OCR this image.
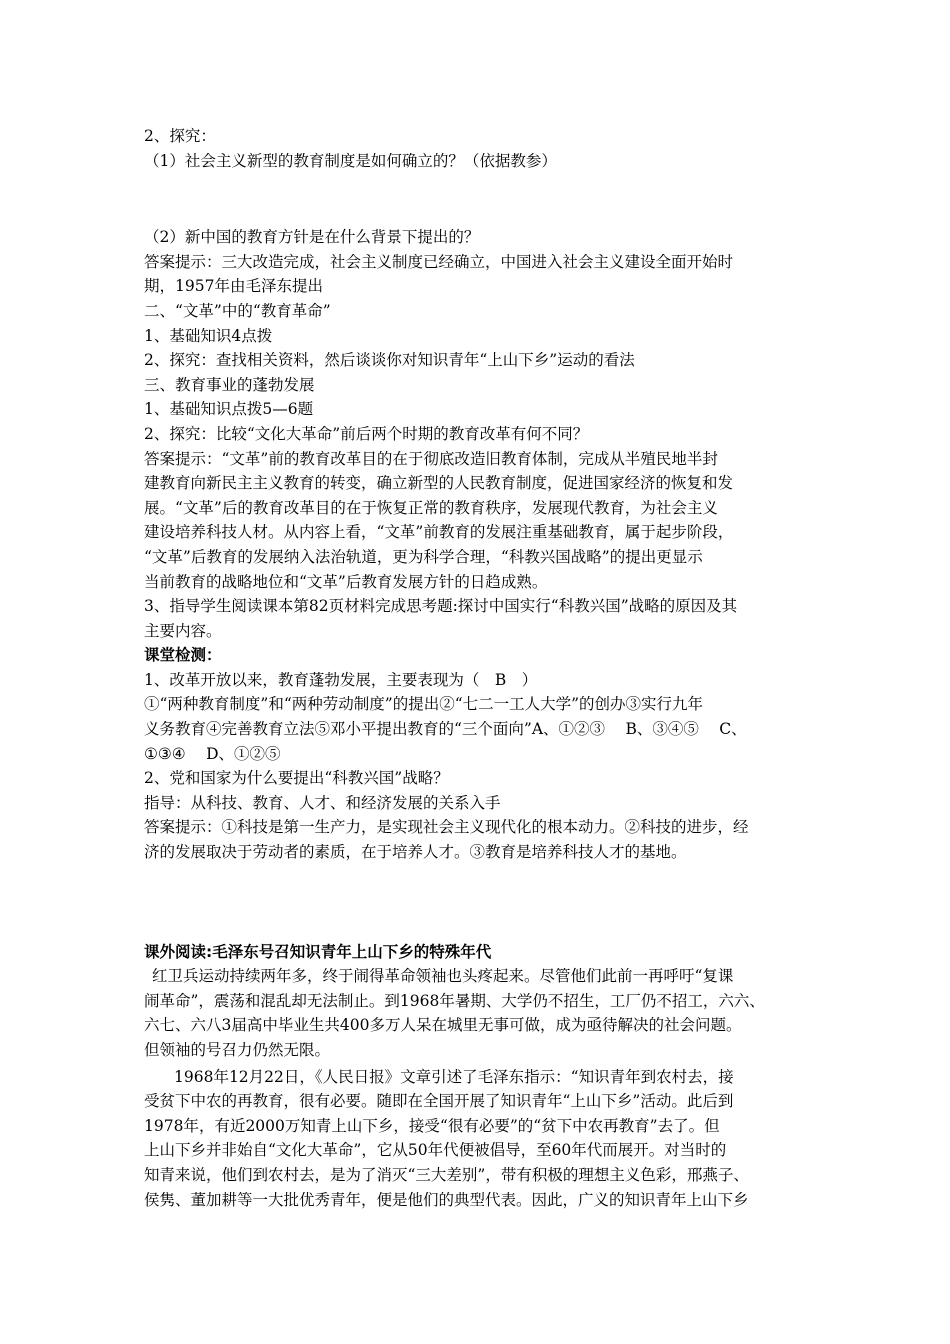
2、探究：
（1）社会主义新型的教育制度是如何确立的？（依据教参）
（2）新中国的教育方针是在什么背景下提出的？
答案提示：三大改造完成，社会主义制度已经确立，中国进入社会主义建设全面开始时
期，1957年由毛泽东提出
二、“文革”中的“教育革命”
1、基础知识4点拨
2、探究：查找相关资料，然后谈谈你对知识青年“上山下乡”运动的看法
三、教育事业的蓬勃发展
1、基础知识点拨5—6题
2、探究：比较“文化大革命”前后两个时期的教育改革有何不同？
答案提示：“文革”前的教育改革目的在于彻底改造旧教育体制，完成从半殖民地半封
建教育向新民主主义教育的转变，确立新型的人民教育制度，促进国家经济的恢复和发
展。“文革”后的教育改革目的在于恢复正常的教育秩序，发展现代教育，为社会主义
建设培养科技人材。从内容上看，“文革”前教育的发展注重基础教育，属于起步阶段，
“文革”后教育的发展纳入法治轨道，更为科学合理，“科教兴国战略”的提出更显示
当前教育的战略地位和“文革”后教育发展方针的日趋成熟。
3、指导学生阅读课本第82页材料完成思考题:探讨中国实行“科教兴国”战略的原因及其
主要内容。
课堂检测：
1、改革开放以来，教育蓬勃发展，主要表现为（　B　）
①“两种教育制度”和“两种劳动制度”的提出②“七二一工人大学”的创办③实行九年
义务教育④完善教育立法⑤邓小平提出教育的“三个面向”A、①②③　 B、③④⑤　 C、
①③④　 D、①②⑤
2、党和国家为什么要提出“科教兴国”战略？
指导：从科技、教育、人才、和经济发展的关系入手
答案提示：①科技是第一生产力，是实现社会主义现代化的根本动力。②科技的进步，经
济的发展取决于劳动者的素质，在于培养人才。③教育是培养科技人才的基地。
课外阅读:毛泽东号召知识青年上山下乡的特殊年代
红卫兵运动持续两年多，终于闹得革命领袖也头疼起来。尽管他们此前一再呼吁“复课
闹革命”，震荡和混乱却无法制止。到1968年暑期、大学仍不招生，工厂仍不招工，六六、
六七、六八3届高中毕业生共400多万人呆在城里无事可做，成为亟待解决的社会问题。
但领袖的号召力仍然无限。
1968年12月22日，《人民日报》文章引述了毛泽东指示：“知识青年到农村去，接
受贫下中农的再教育，很有必要。随即在全国开展了知识青年“上山下乡”活动。此后到
1978年，有近2000万知青上山下乡，接受“很有必要”的“贫下中农再教育”去了。但
上山下乡并非始自“文化大革命”，它从50年代便被倡导，至60年代而展开。对当时的
知青来说，他们到农村去，是为了消灭“三大差别”，带有积极的理想主义色彩，邢燕子、
侯隽、董加耕等一大批优秀青年，便是他们的典型代表。因此，广义的知识青年上山下乡
